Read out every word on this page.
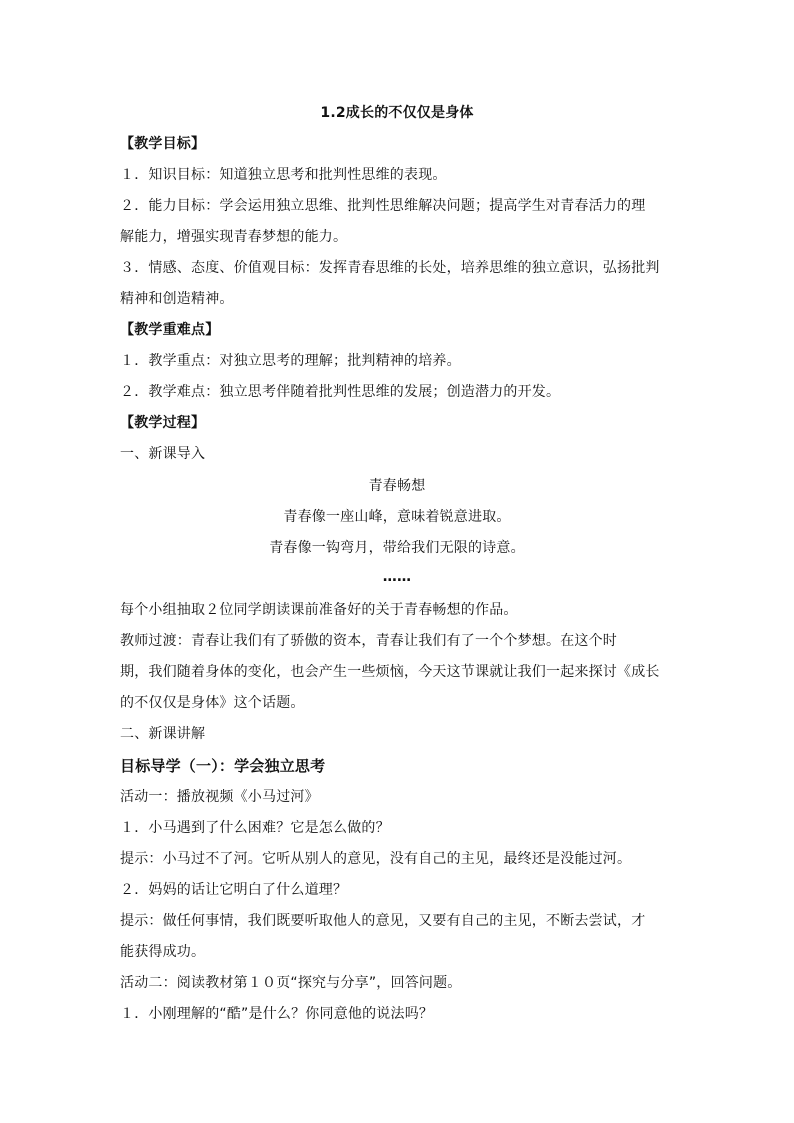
1.2成长的不仅仅是身体
【教学目标】
１．知识目标：知道独立思考和批判性思维的表现。
２．能力目标：学会运用独立思维、批判性思维解决问题；提高学生对青春活力的理
解能力，增强实现青春梦想的能力。
３．情感、态度、价值观目标：发挥青春思维的长处，培养思维的独立意识，弘扬批判
精神和创造精神。
【教学重难点】
１．教学重点：对独立思考的理解；批判精神的培养。
２．教学难点：独立思考伴随着批判性思维的发展；创造潜力的开发。
【教学过程】
一、新课导入
青春畅想
青春像一座山峰，意味着锐意进取。
青春像一钩弯月，带给我们无限的诗意。
……
每个小组抽取２位同学朗读课前准备好的关于青春畅想的作品。
教师过渡：青春让我们有了骄傲的资本，青春让我们有了一个个梦想。在这个时
期，我们随着身体的变化，也会产生一些烦恼，今天这节课就让我们一起来探讨《成长
的不仅仅是身体》这个话题。
二、新课讲解
目标导学（一）：学会独立思考
活动一：播放视频《小马过河》
１．小马遇到了什么困难？它是怎么做的？
提示：小马过不了河。它听从别人的意见，没有自己的主见，最终还是没能过河。
２．妈妈的话让它明白了什么道理？
提示：做任何事情，我们既要听取他人的意见，又要有自己的主见，不断去尝试，才
能获得成功。
活动二：阅读教材第１０页“探究与分享”，回答问题。
１．小刚理解的“酷”是什么？你同意他的说法吗？
